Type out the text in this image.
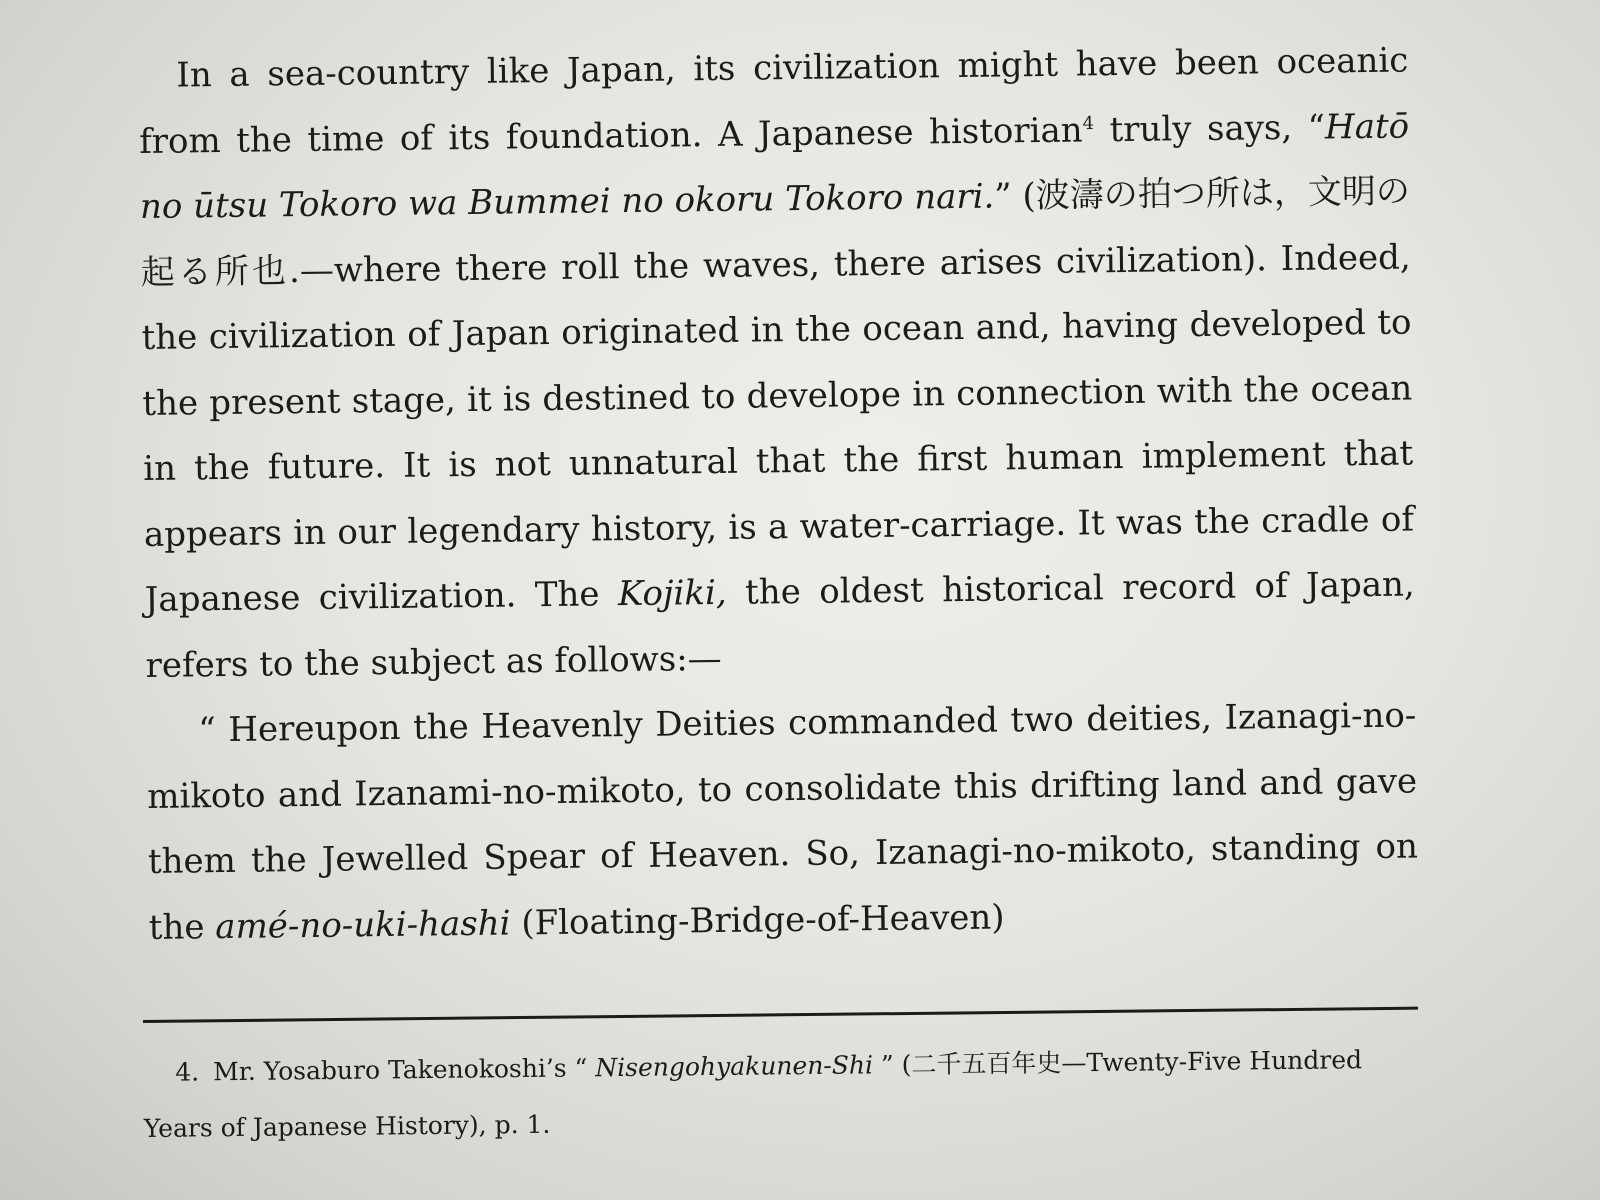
In a sea-country like Japan, its civilization might have been oceanic from the time of its foundation. A Japanese historian$^4$ truly says, “Hatō no ūtsu Tokoro wa Bummei no okoru Tokoro nari.” (波濤の拍つ所は，文明の起る所也.—where there roll the waves, there arises civilization). Indeed, the civilization of Japan originated in the ocean and, having developed to the present stage, it is destined to develope in connection with the ocean in the future. It is not unnatural that the first human implement that appears in our legendary history, is a water-carriage. It was the cradle of Japanese civilization. The Kojiki, the oldest historical record of Japan, refers to the subject as follows:—

“ Hereupon the Heavenly Deities commanded two deities, Izanagi-no-mikoto and Izanami-no-mikoto, to consolidate this drifting land and gave them the Jewelled Spear of Heaven. So, Izanagi-no-mikoto, standing on the amé-no-uki-hashi (Floating-Bridge-of-Heaven)

4. Mr. Yosaburo Takenokoshi’s “ Nisengohyakunen-Shi ” (二千五百年史—Twenty-Five Hundred Years of Japanese History), p. 1.
